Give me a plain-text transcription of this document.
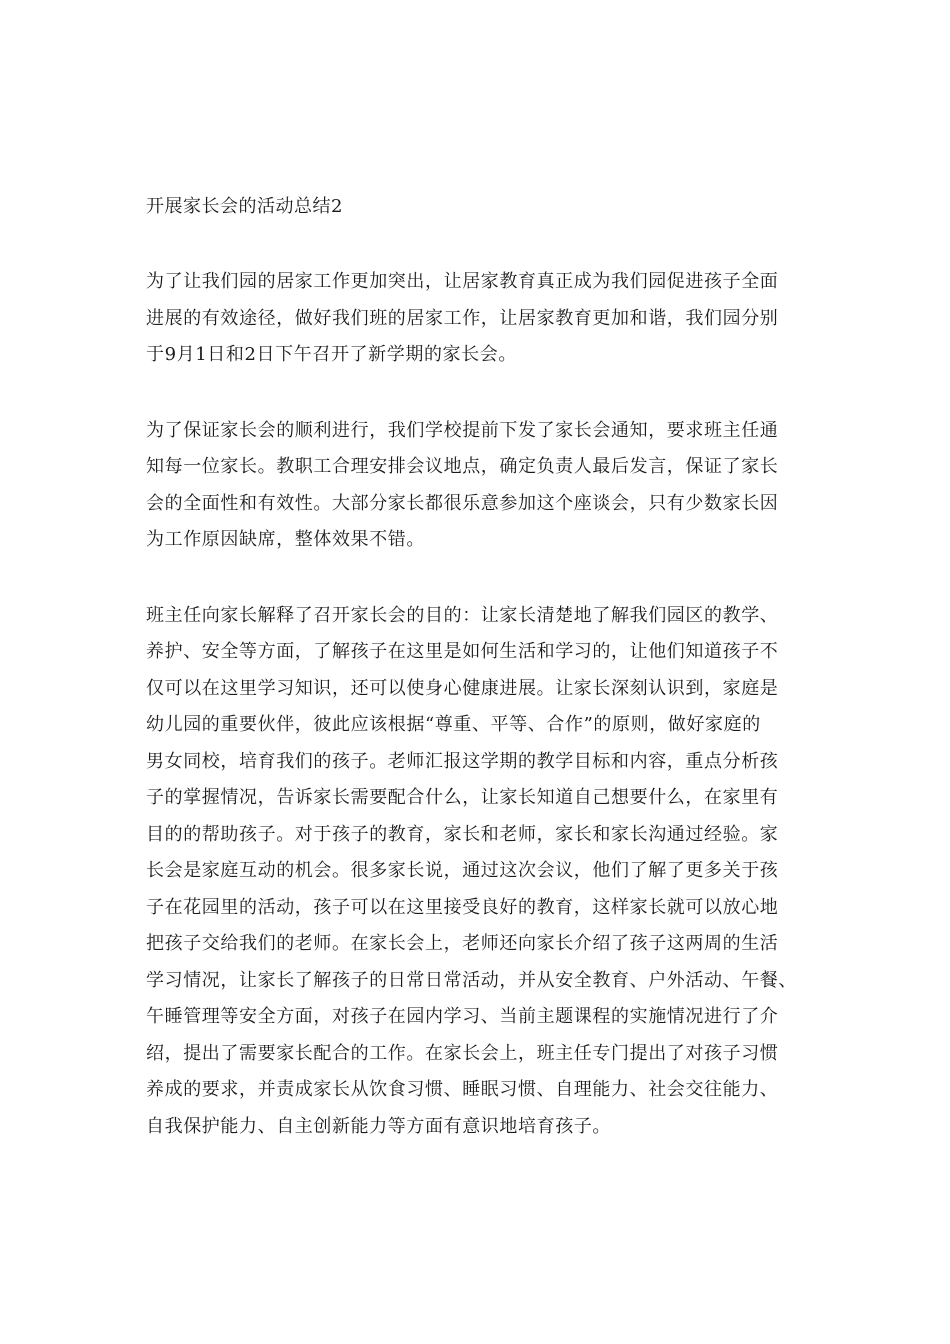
开展家长会的活动总结2
为了让我们园的居家工作更加突出，让居家教育真正成为我们园促进孩子全面
进展的有效途径，做好我们班的居家工作，让居家教育更加和谐，我们园分别
于9月1日和2日下午召开了新学期的家长会。
为了保证家长会的顺利进行，我们学校提前下发了家长会通知，要求班主任通
知每一位家长。教职工合理安排会议地点，确定负责人最后发言，保证了家长
会的全面性和有效性。大部分家长都很乐意参加这个座谈会，只有少数家长因
为工作原因缺席，整体效果不错。
班主任向家长解释了召开家长会的目的：让家长清楚地了解我们园区的教学、
养护、安全等方面，了解孩子在这里是如何生活和学习的，让他们知道孩子不
仅可以在这里学习知识，还可以使身心健康进展。让家长深刻认识到，家庭是
幼儿园的重要伙伴，彼此应该根据“尊重、平等、合作”的原则，做好家庭的
男女同校，培育我们的孩子。老师汇报这学期的教学目标和内容，重点分析孩
子的掌握情况，告诉家长需要配合什么，让家长知道自己想要什么，在家里有
目的的帮助孩子。对于孩子的教育，家长和老师，家长和家长沟通过经验。家
长会是家庭互动的机会。很多家长说，通过这次会议，他们了解了更多关于孩
子在花园里的活动，孩子可以在这里接受良好的教育，这样家长就可以放心地
把孩子交给我们的老师。在家长会上，老师还向家长介绍了孩子这两周的生活
学习情况，让家长了解孩子的日常日常活动，并从安全教育、户外活动、午餐、
午睡管理等安全方面，对孩子在园内学习、当前主题课程的实施情况进行了介
绍，提出了需要家长配合的工作。在家长会上，班主任专门提出了对孩子习惯
养成的要求，并责成家长从饮食习惯、睡眠习惯、自理能力、社会交往能力、
自我保护能力、自主创新能力等方面有意识地培育孩子。
